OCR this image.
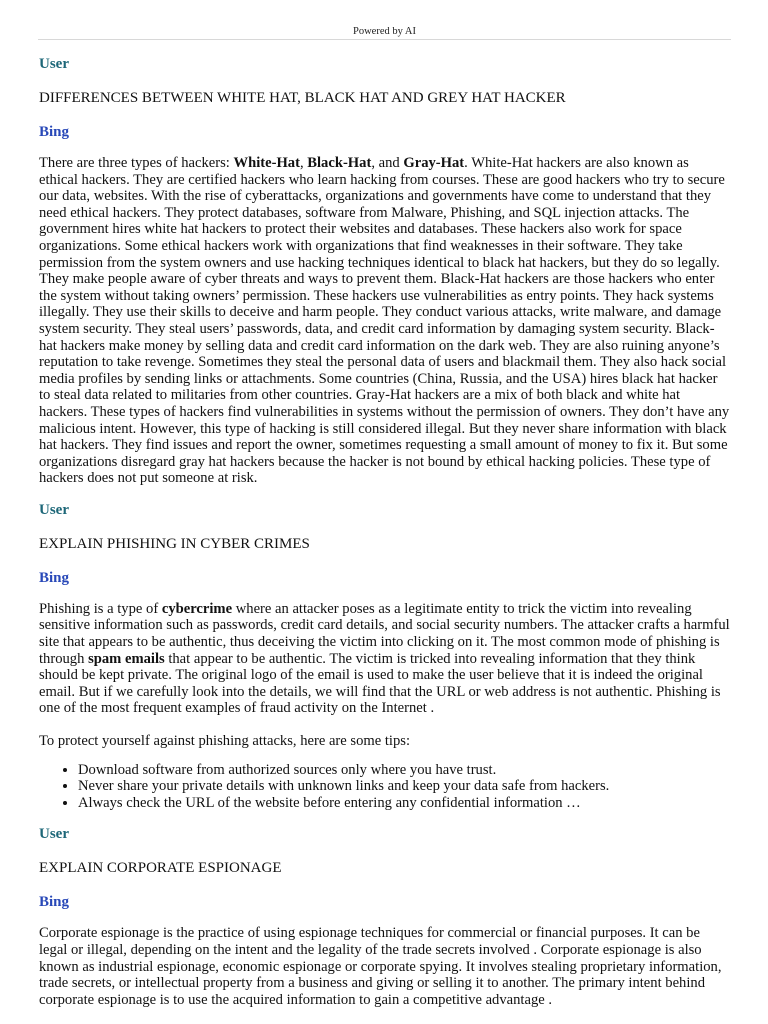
Powered by AI

User

DIFFERENCES BETWEEN WHITE HAT, BLACK HAT AND GREY HAT HACKER

Bing

There are three types of hackers: White-Hat, Black-Hat, and Gray-Hat. White-Hat hackers are also known as ethical hackers. They are certified hackers who learn hacking from courses. These are good hackers who try to secure our data, websites. With the rise of cyberattacks, organizations and governments have come to understand that they need ethical hackers. They protect databases, software from Malware, Phishing, and SQL injection attacks. The government hires white hat hackers to protect their websites and databases. These hackers also work for space organizations. Some ethical hackers work with organizations that find weaknesses in their software. They take permission from the system owners and use hacking techniques identical to black hat hackers, but they do so legally. They make people aware of cyber threats and ways to prevent them. Black-Hat hackers are those hackers who enter the system without taking owners’ permission. These hackers use vulnerabilities as entry points. They hack systems illegally. They use their skills to deceive and harm people. They conduct various attacks, write malware, and damage system security. They steal users’ passwords, data, and credit card information by damaging system security. Black-hat hackers make money by selling data and credit card information on the dark web. They are also ruining anyone’s reputation to take revenge. Sometimes they steal the personal data of users and blackmail them. They also hack social media profiles by sending links or attachments. Some countries (China, Russia, and the USA) hires black hat hacker to steal data related to militaries from other countries. Gray-Hat hackers are a mix of both black and white hat hackers. These types of hackers find vulnerabilities in systems without the permission of owners. They don’t have any malicious intent. However, this type of hacking is still considered illegal. But they never share information with black hat hackers. They find issues and report the owner, sometimes requesting a small amount of money to fix it. But some organizations disregard gray hat hackers because the hacker is not bound by ethical hacking policies. These type of hackers does not put someone at risk.

User

EXPLAIN PHISHING IN CYBER CRIMES

Bing

Phishing is a type of cybercrime where an attacker poses as a legitimate entity to trick the victim into revealing sensitive information such as passwords, credit card details, and social security numbers. The attacker crafts a harmful site that appears to be authentic, thus deceiving the victim into clicking on it. The most common mode of phishing is through spam emails that appear to be authentic. The victim is tricked into revealing information that they think should be kept private. The original logo of the email is used to make the user believe that it is indeed the original email. But if we carefully look into the details, we will find that the URL or web address is not authentic. Phishing is one of the most frequent examples of fraud activity on the Internet .

To protect yourself against phishing attacks, here are some tips:

• Download software from authorized sources only where you have trust.
• Never share your private details with unknown links and keep your data safe from hackers.
• Always check the URL of the website before entering any confidential information …

User

EXPLAIN CORPORATE ESPIONAGE

Bing

Corporate espionage is the practice of using espionage techniques for commercial or financial purposes. It can be legal or illegal, depending on the intent and the legality of the trade secrets involved . Corporate espionage is also known as industrial espionage, economic espionage or corporate spying. It involves stealing proprietary information, trade secrets, or intellectual property from a business and giving or selling it to another. The primary intent behind corporate espionage is to use the acquired information to gain a competitive advantage .
